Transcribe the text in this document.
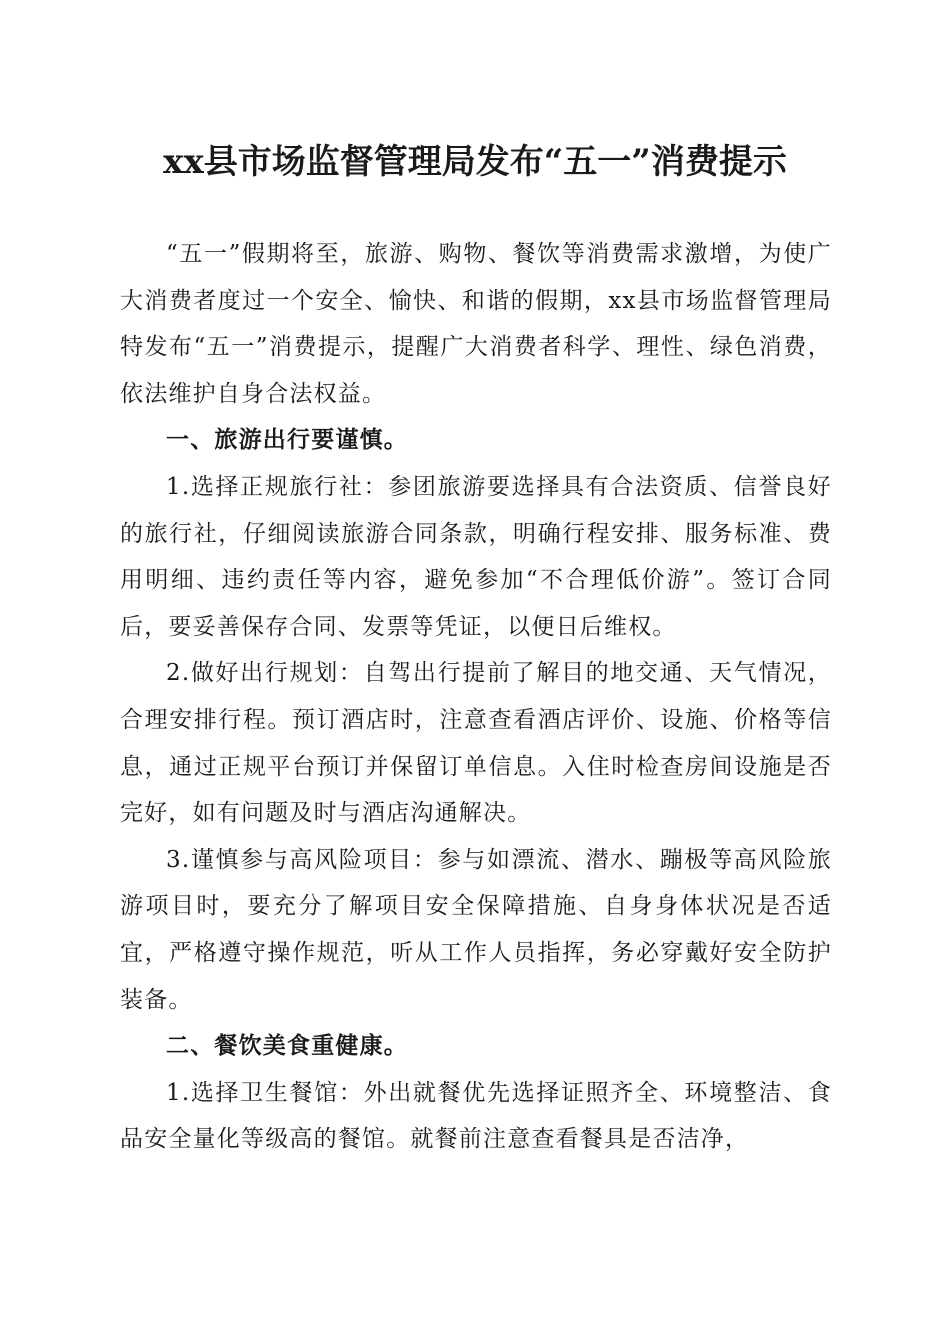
xx县市场监督管理局发布“五一”消费提示

“五一”假期将至，旅游、购物、餐饮等消费需求激增，为使广大消费者度过一个安全、愉快、和谐的假期，xx县市场监督管理局特发布“五一”消费提示，提醒广大消费者科学、理性、绿色消费，依法维护自身合法权益。

一、旅游出行要谨慎。

1.选择正规旅行社：参团旅游要选择具有合法资质、信誉良好的旅行社，仔细阅读旅游合同条款，明确行程安排、服务标准、费用明细、违约责任等内容，避免参加“不合理低价游”。签订合同后，要妥善保存合同、发票等凭证，以便日后维权。

2.做好出行规划：自驾出行提前了解目的地交通、天气情况，合理安排行程。预订酒店时，注意查看酒店评价、设施、价格等信息，通过正规平台预订并保留订单信息。入住时检查房间设施是否完好，如有问题及时与酒店沟通解决。

3.谨慎参与高风险项目：参与如漂流、潜水、蹦极等高风险旅游项目时，要充分了解项目安全保障措施、自身身体状况是否适宜，严格遵守操作规范，听从工作人员指挥，务必穿戴好安全防护装备。

二、餐饮美食重健康。

1.选择卫生餐馆：外出就餐优先选择证照齐全、环境整洁、食品安全量化等级高的餐馆。就餐前注意查看餐具是否洁净，
